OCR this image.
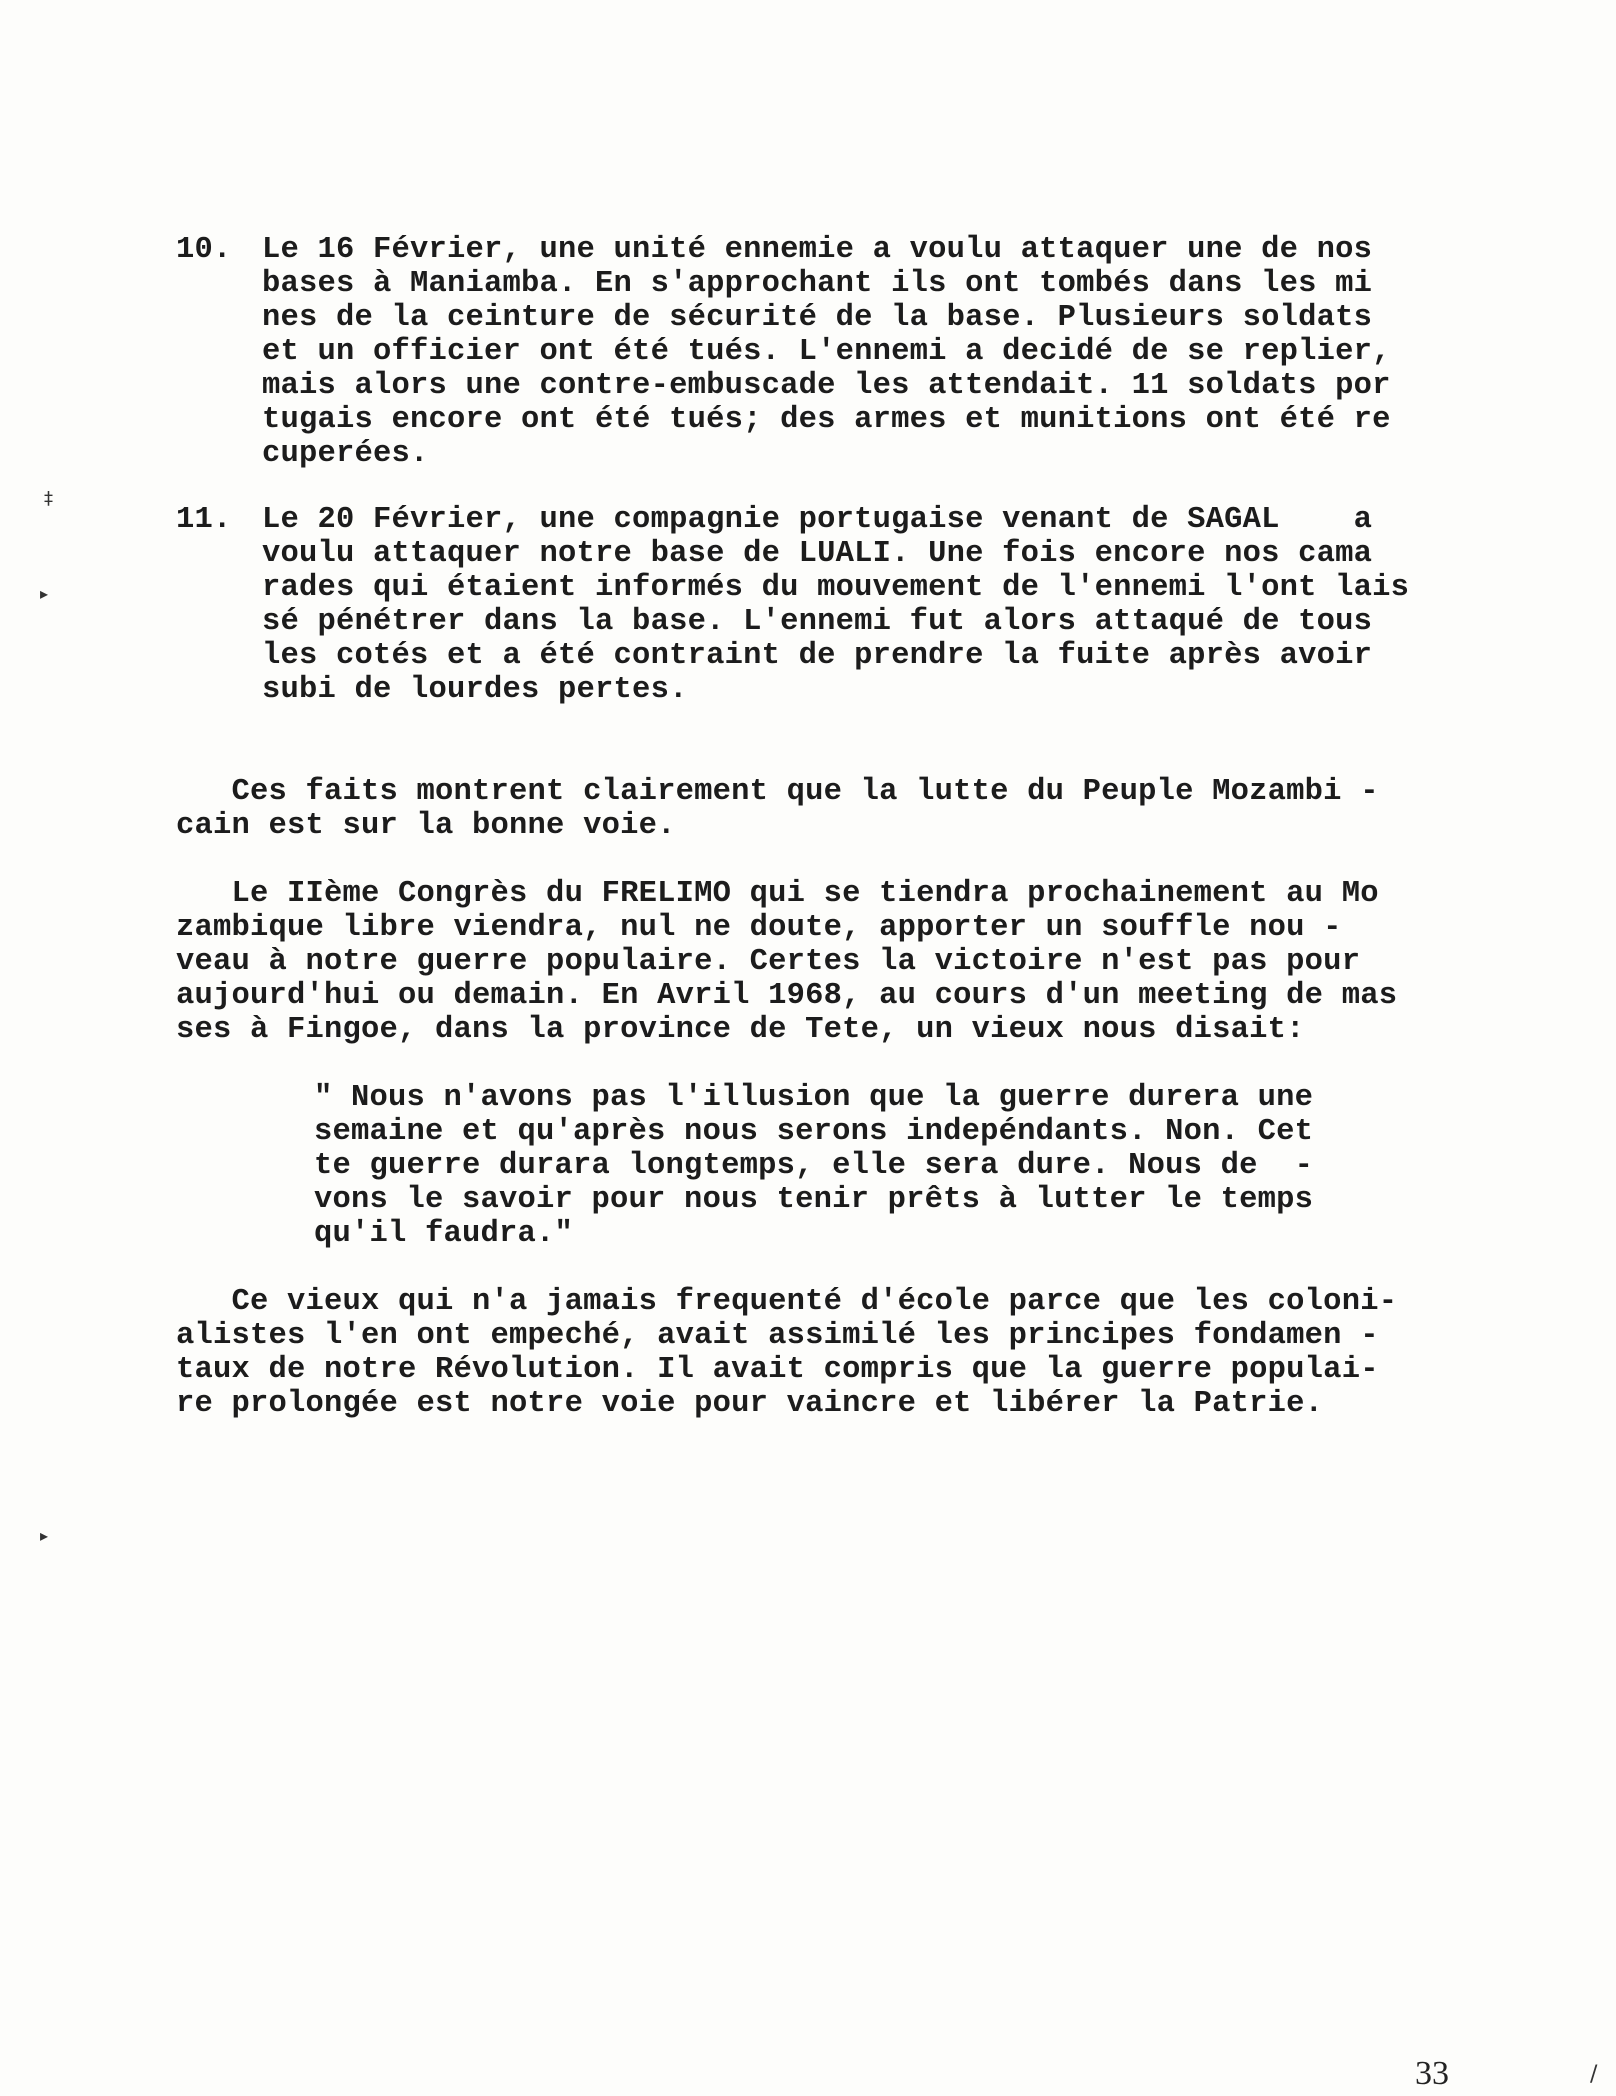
10. Le 16 Février, une unité ennemie a voulu attaquer une de nos
bases à Maniamba. En s'approchant ils ont tombés dans les mi
nes de la ceinture de sécurité de la base. Plusieurs soldats
et un officier ont été tués. L'ennemi a decidé de se replier,
mais alors une contre-embuscade les attendait. 11 soldats por
tugais encore ont été tués; des armes et munitions ont été re
cuperées.
11. Le 20 Février, une compagnie portugaise venant de SAGAL    a
voulu attaquer notre base de LUALI. Une fois encore nos cama
rades qui étaient informés du mouvement de l'ennemi l'ont lais
sé pénétrer dans la base. L'ennemi fut alors attaqué de tous
les cotés et a été contraint de prendre la fuite après avoir
subi de lourdes pertes.
Ces faits montrent clairement que la lutte du Peuple Mozambi -
cain est sur la bonne voie.
Le IIème Congrès du FRELIMO qui se tiendra prochainement au Mo
zambique libre viendra, nul ne doute, apporter un souffle nou -
veau à notre guerre populaire. Certes la victoire n'est pas pour
aujourd'hui ou demain. En Avril 1968, au cours d'un meeting de mas
ses à Fingoe, dans la province de Tete, un vieux nous disait:
" Nous n'avons pas l'illusion que la guerre durera une
semaine et qu'après nous serons indepéndants. Non. Cet
te guerre durara longtemps, elle sera dure. Nous de  -
vons le savoir pour nous tenir prêts à lutter le temps
qu'il faudra."
Ce vieux qui n'a jamais frequenté d'école parce que les coloni-
alistes l'en ont empeché, avait assimilé les principes fondamen -
taux de notre Révolution. Il avait compris que la guerre populai-
re prolongée est notre voie pour vaincre et libérer la Patrie.
33
‡
▸
▸
/
